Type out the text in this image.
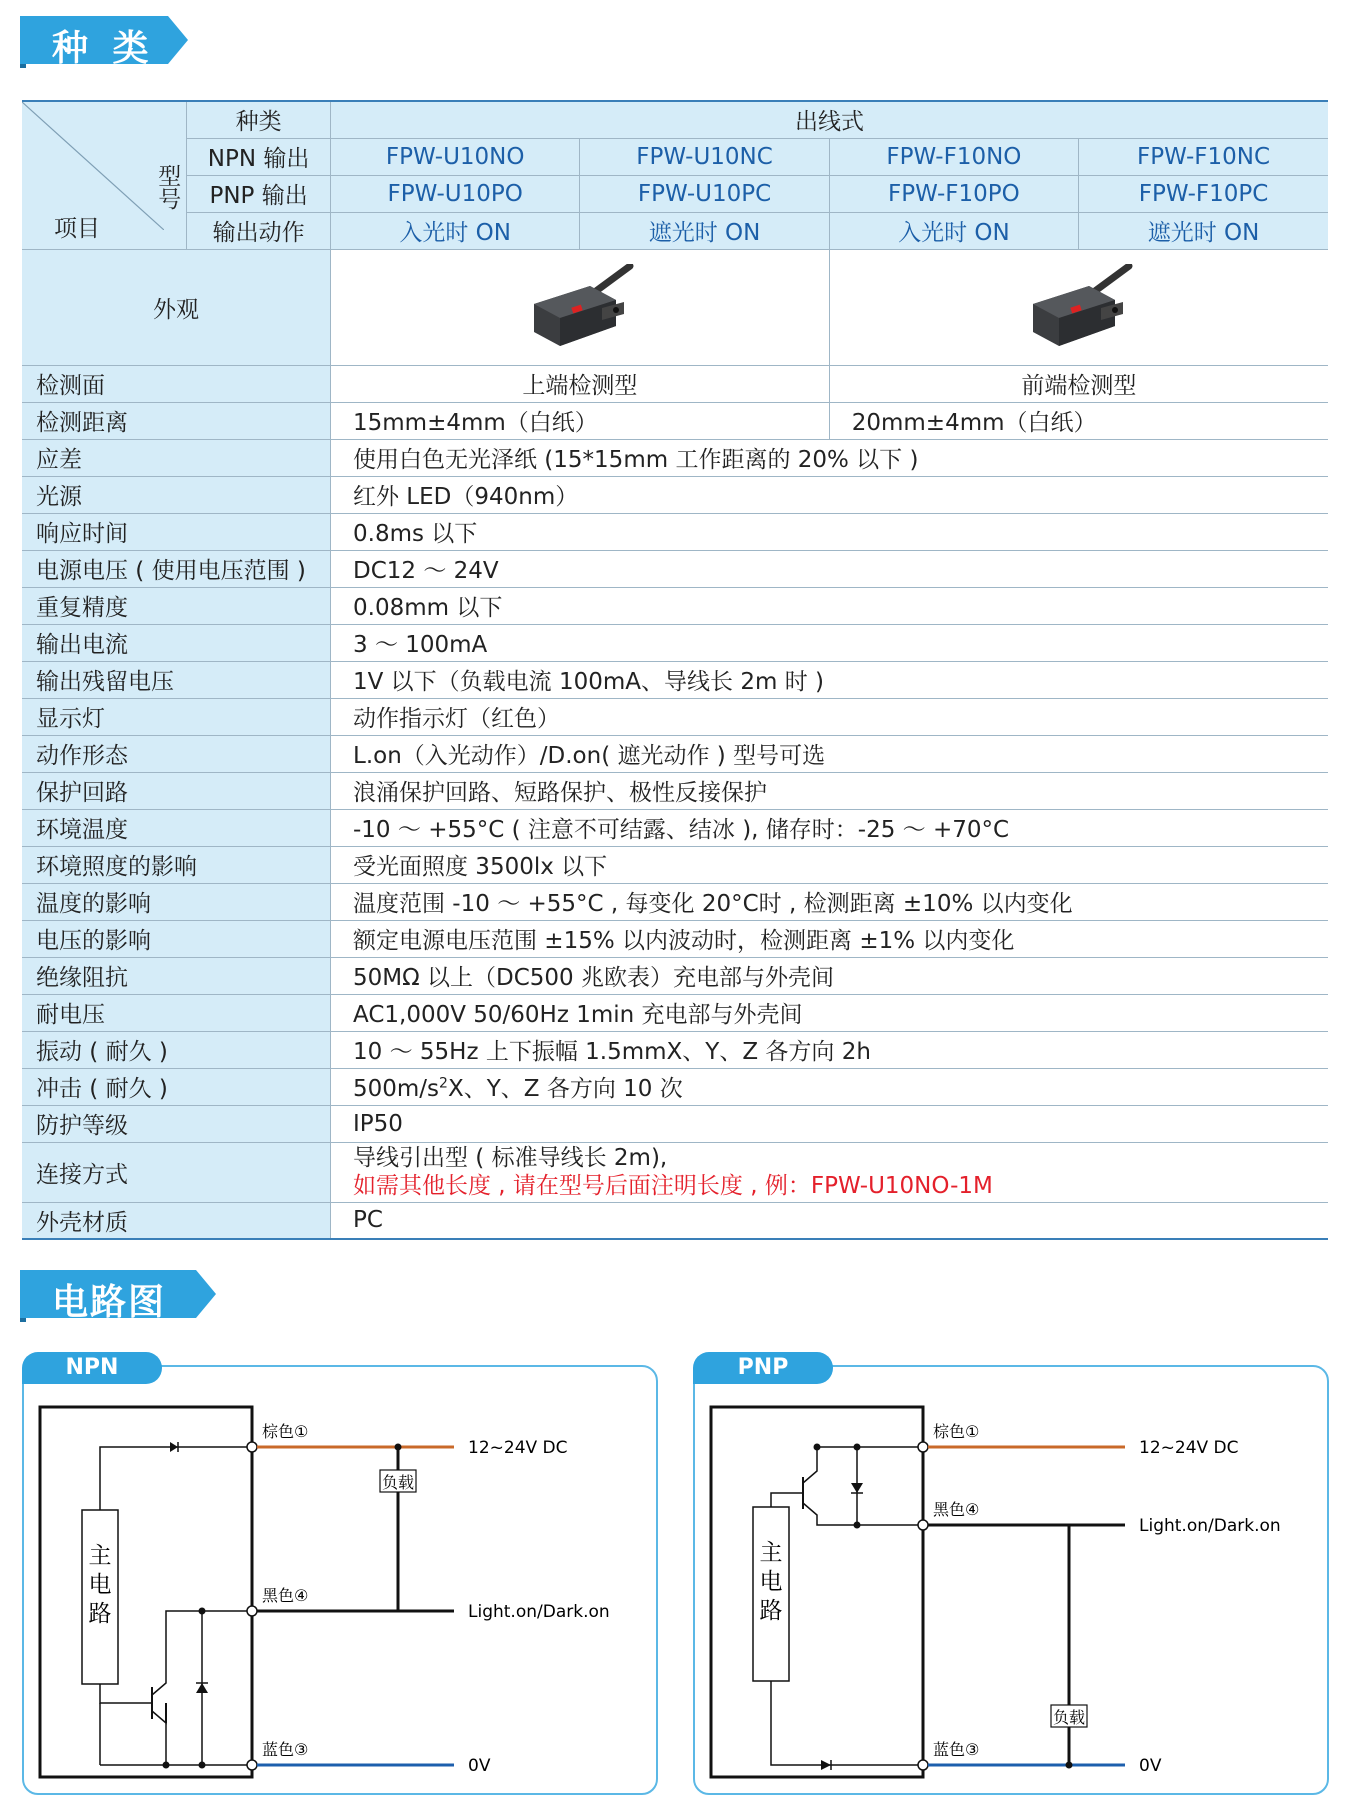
种 类
型号
项目	种类	出线式			
	NPN 输出	FPW-U10NO	FPW-U10NC	FPW-F10NO	FPW-F10NC
	PNP 输出	FPW-U10PO	FPW-U10PC	FPW-F10PO	FPW-F10PC
	输出动作	入光时 ON	遮光时 ON	入光时 ON	遮光时 ON
外观	

检测面		上端检测型		前端检测型	
检测距离		15mm±4mm（白纸）		20mm±4mm（白纸）	
应差		使用白色无光泽纸 (15*15mm 工作距离的 20% 以下 )			
光源		红外 LED（940nm）			
响应时间		0.8ms 以下			
电源电压 ( 使用电压范围 )		DC12 ～ 24V			
重复精度		0.08mm 以下			
输出电流		3 ～ 100mA			
输出残留电压		1V 以下（负载电流 100mA、导线长 2m 时 )			
显示灯		动作指示灯（红色）			
动作形态		L.on（入光动作）/D.on( 遮光动作 ) 型号可选			
保护回路		浪涌保护回路、短路保护、极性反接保护			
环境温度		-10 ～ +55°C ( 注意不可结露、结冰 ), 储存时：-25 ～ +70°C			
环境照度的影响		受光面照度 3500lx 以下			
温度的影响		温度范围 -10 ～ +55°C , 每变化 20°C时 , 检测距离 ±10% 以内变化			
电压的影响		额定电源电压范围 ±15% 以内波动时，检测距离 ±1% 以内变化			
绝缘阻抗		50MΩ 以上（DC500 兆欧表）充电部与外壳间			
耐电压		AC1,000V 50/60Hz 1min 充电部与外壳间			
振动 ( 耐久 )		10 ～ 55Hz 上下振幅 1.5mmX、Y、Z 各方向 2h			
冲击 ( 耐久 )		$500m/s^2X$、Y、Z 各方向 10 次			
防护等级		IP50			
连接方式		导线引出型 ( 标准导线长 2m),
如需其他长度 , 请在型号后面注明长度 , 例：FPW-U10NO-1M			

外壳材质		PC			
电路图
NPN
主
电
路
负载
棕色①
黑色④
蓝色③
12~24V DC
Light.on/Dark.on
0V
PNP
主
电
路
负载
棕色①
黑色④
蓝色③
12~24V DC
Light.on/Dark.on
0V
